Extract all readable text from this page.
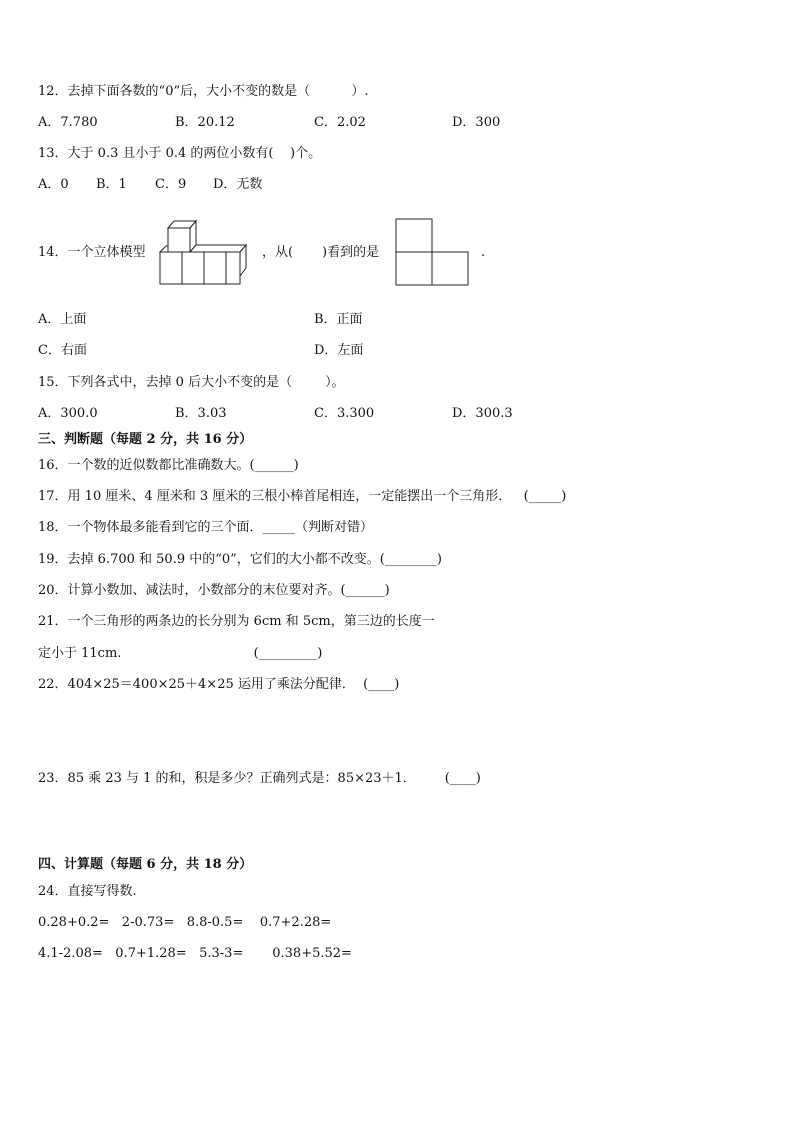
12．去掉下面各数的“0”后，大小不变的数是（          ）.
A．7.780	B．20.12	C．2.02	D．300
13．大于 0.3 且小于 0.4 的两位小数有(    )个。
A．0 B．1 C．9 D．无数
14．一个立体模型	，从(       )看到的是	.
A．上面	B．正面
C．右面	D．左面
15．下列各式中，去掉 0 后大小不变的是（        ）。
A．300.0	B．3.03	C．3.300	D．300.3
三、判断题（每题 2 分，共 16 分）
16．一个数的近似数都比准确数大。(______)
17．用 10 厘米、4 厘米和 3 厘米的三根小棒首尾相连，一定能摆出一个三角形．   (_____)
18．一个物体最多能看到它的三个面．_____（判断对错）
19．去掉 6.700 和 50.9 中的“0”，它们的大小都不改变。(________)
20．计算小数加、减法时，小数部分的末位要对齐。(______)
21．一个三角形的两条边的长分别为 6cm 和 5cm，第三边的长度一
定小于 11cm.                                (_________)
22．404×25＝400×25＋4×25 运用了乘法分配律．  (____)
23．85 乘 23 与 1 的和，积是多少？正确列式是：85×23＋1．       (____)
四、计算题（每题 6 分，共 18 分）
24．直接写得数.
0.28+0.2=   2-0.73=   8.8-0.5=    0.7+2.28=
4.1-2.08=   0.7+1.28=   5.3-3=       0.38+5.52=
